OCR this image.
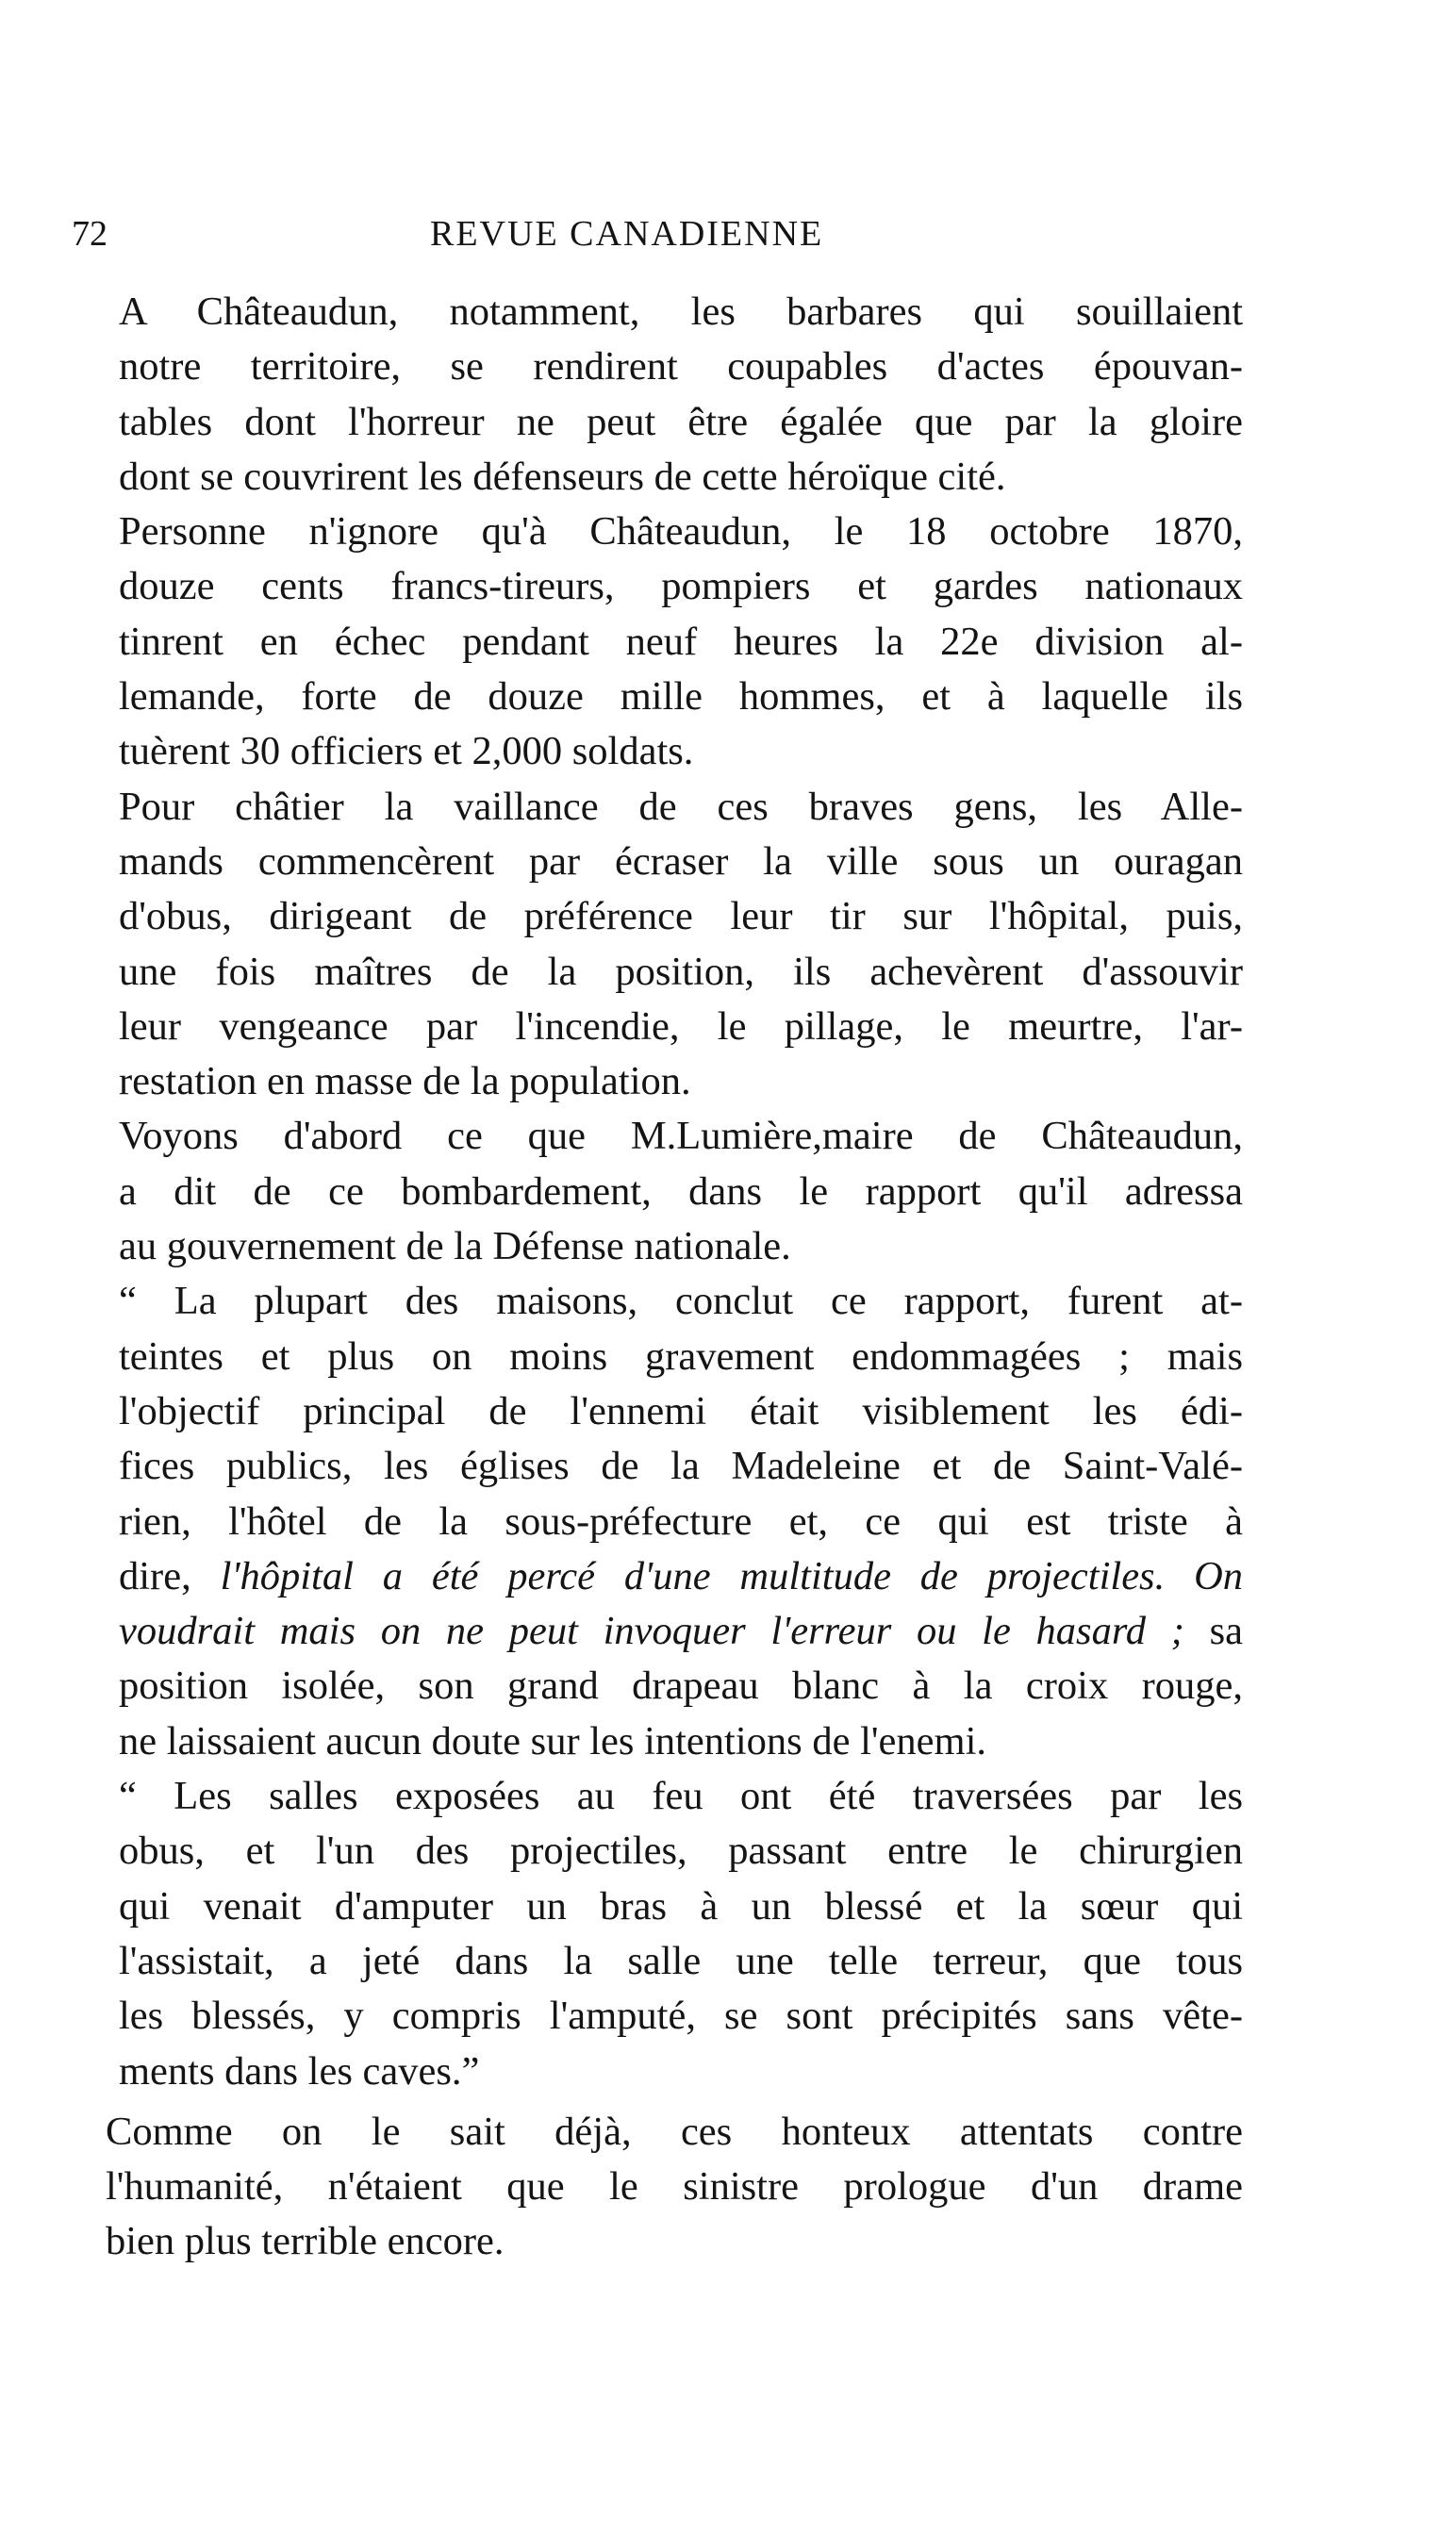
72	REVUE CANADIENNE

A Châteaudun, notamment, les barbares qui souillaient
notre territoire, se rendirent coupables d'actes épouvan-
tables dont l'horreur ne peut être égalée que par la gloire
dont se couvrirent les défenseurs de cette héroïque cité.

Personne n'ignore qu'à Châteaudun, le 18 octobre 1870,
douze cents francs-tireurs, pompiers et gardes nationaux
tinrent en échec pendant neuf heures la 22e division al-
lemande, forte de douze mille hommes, et à laquelle ils
tuèrent 30 officiers et 2,000 soldats.

Pour châtier la vaillance de ces braves gens, les Alle-
mands commencèrent par écraser la ville sous un ouragan
d'obus, dirigeant de préférence leur tir sur l'hôpital, puis,
une fois maîtres de la position, ils achevèrent d'assouvir
leur vengeance par l'incendie, le pillage, le meurtre, l'ar-
restation en masse de la population.

Voyons d'abord ce que M.Lumière,maire de Châteaudun,
a dit de ce bombardement, dans le rapport qu'il adressa
au gouvernement de la Défense nationale.

“ La plupart des maisons, conclut ce rapport, furent at-
teintes et plus on moins gravement endommagées ; mais
l'objectif principal de l'ennemi était visiblement les édi-
fices publics, les églises de la Madeleine et de Saint-Valé-
rien, l'hôtel de la sous-préfecture et, ce qui est triste à
dire, l'hôpital a été percé d'une multitude de projectiles. On
voudrait mais on ne peut invoquer l'erreur ou le hasard ; sa
position isolée, son grand drapeau blanc à la croix rouge,
ne laissaient aucun doute sur les intentions de l'enemi.

“ Les salles exposées au feu ont été traversées par les
obus, et l'un des projectiles, passant entre le chirurgien
qui venait d'amputer un bras à un blessé et la sœur qui
l'assistait, a jeté dans la salle une telle terreur, que tous
les blessés, y compris l'amputé, se sont précipités sans vête-
ments dans les caves.”

Comme on le sait déjà, ces honteux attentats contre
l'humanité, n'étaient que le sinistre prologue d'un drame
bien plus terrible encore.
